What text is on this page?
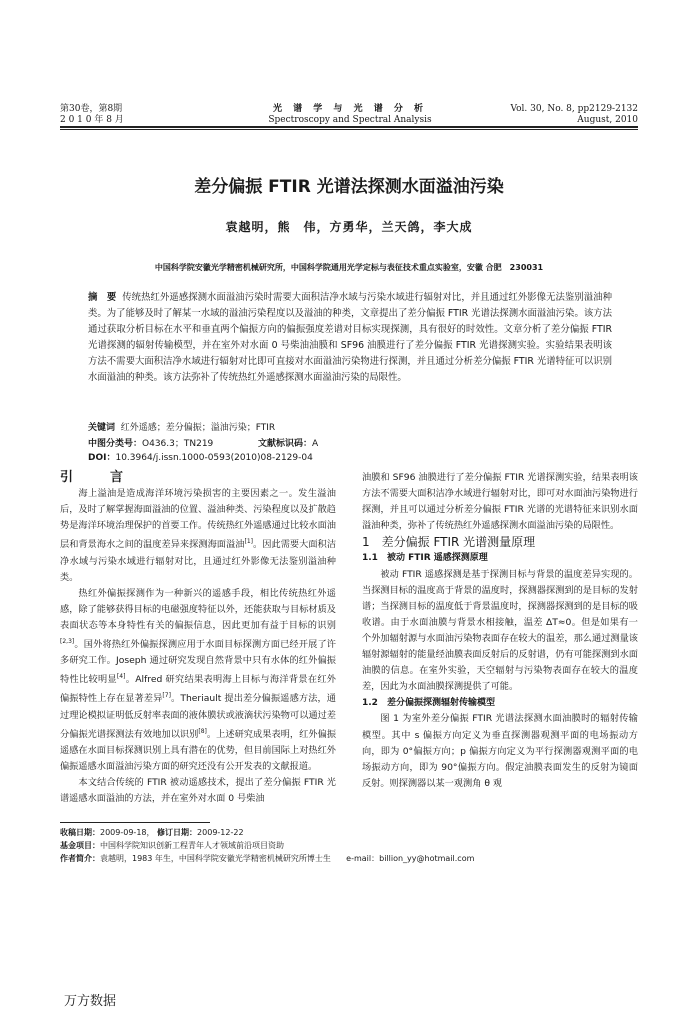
第30卷，第8期
2 0 1 0 年 8 月
光 谱 学 与 光 谱 分 析
Spectroscopy and Spectral Analysis
Vol. 30, No. 8, pp2129-2132
August, 2010
差分偏振 FTIR 光谱法探测水面溢油污染
袁越明，熊　伟，方勇华，兰天鸽，李大成
中国科学院安徽光学精密机械研究所，中国科学院通用光学定标与表征技术重点实验室，安徽 合肥　230031
摘　要 传统热红外遥感探测水面溢油污染时需要大面积洁净水域与污染水域进行辐射对比，并且通过红外影像无法鉴别溢油种类。为了能够及时了解某一水域的溢油污染程度以及溢油的种类，文章提出了差分偏振 FTIR 光谱法探测水面溢油污染。该方法通过获取分析目标在水平和垂直两个偏振方向的偏振强度差谱对目标实现探测，具有很好的时效性。文章分析了差分偏振 FTIR 光谱探测的辐射传输模型，并在室外对水面 0 号柴油油膜和 SF96 油膜进行了差分偏振 FTIR 光谱探测实验。实验结果表明该方法不需要大面积洁净水域进行辐射对比即可直接对水面溢油污染物进行探测，并且通过分析差分偏振 FTIR 光谱特征可以识别水面溢油的种类。该方法弥补了传统热红外遥感探测水面溢油污染的局限性。
关键词 红外遥感；差分偏振；溢油污染；FTIR
中图分类号：O436.3；TN219	文献标识码：ADOI：10.3964/j.issn.1000-0593(2010)08-2129-04

引　言

海上溢油是造成海洋环境污染损害的主要因素之一。发生溢油后，及时了解掌握海面溢油的位置、溢油种类、污染程度以及扩散趋势是海洋环境治理保护的首要工作。传统热红外遥感通过比较水面油层和背景海水之间的温度差异来探测海面溢油[1]。因此需要大面积洁净水域与污染水域进行辐射对比，且通过红外影像无法鉴别溢油种类。

热红外偏振探测作为一种新兴的遥感手段，相比传统热红外遥感，除了能够获得目标的电磁强度特征以外，还能获取与目标材质及表面状态等本身特性有关的偏振信息，因此更加有益于目标的识别[2,3]。国外将热红外偏振探测应用于水面目标探测方面已经开展了许多研究工作。Joseph 通过研究发现自然背景中只有水体的红外偏振特性比较明显[4]。Alfred 研究结果表明海上目标与海洋背景在红外偏振特性上存在显著差异[7]。Theriault 提出差分偏振遥感方法，通过理论模拟证明低反射率表面的液体膜状或液滴状污染物可以通过差分偏振光谱探测法有效地加以识别[8]。上述研究成果表明，红外偏振遥感在水面目标探测识别上具有潜在的优势，但目前国际上对热红外偏振遥感水面溢油污染方面的研究还没有公开发表的文献报道。

本文结合传统的 FTIR 被动遥感技术，提出了差分偏振 FTIR 光谱遥感水面溢油的方法，并在室外对水面 0 号柴油

油膜和 SF96 油膜进行了差分偏振 FTIR 光谱探测实验，结果表明该方法不需要大面积洁净水域进行辐射对比，即可对水面油污染物进行探测，并且可以通过分析差分偏振 FTIR 光谱的光谱特征来识别水面溢油种类，弥补了传统热红外遥感探测水面溢油污染的局限性。

1　差分偏振 FTIR 光谱测量原理

1.1　被动 FTIR 遥感探测原理

被动 FTIR 遥感探测是基于探测目标与背景的温度差异实现的。当探测目标的温度高于背景的温度时，探测器探测到的是目标的发射谱；当探测目标的温度低于背景温度时，探测器探测到的是目标的吸收谱。由于水面油膜与背景水相接触，温差 ΔT≈0。但是如果有一个外加辐射源与水面油污染物表面存在较大的温差，那么通过测量该辐射源辐射的能量经油膜表面反射后的反射谱，仍有可能探测到水面油膜的信息。在室外实验，天空辐射与污染物表面存在较大的温度差，因此为水面油膜探测提供了可能。

1.2　差分偏振探测辐射传输模型

图 1 为室外差分偏振 FTIR 光谱法探测水面油膜时的辐射传输模型。其中 s 偏振方向定义为垂直探测器观测平面的电场振动方向，即为 0°偏振方向；p 偏振方向定义为平行探测器观测平面的电场振动方向，即为 90°偏振方向。假定油膜表面发生的反射为镜面反射。则探测器以某一观测角 θ 观

收稿日期：2009-09-18， 修订日期：2009-12-22
基金项目：中国科学院知识创新工程青年人才领域前沿项目资助
作者简介：袁越明，1983 年生，中国科学院安徽光学精密机械研究所博士生 e-mail：billion_yy@hotmail.com
万方数据
